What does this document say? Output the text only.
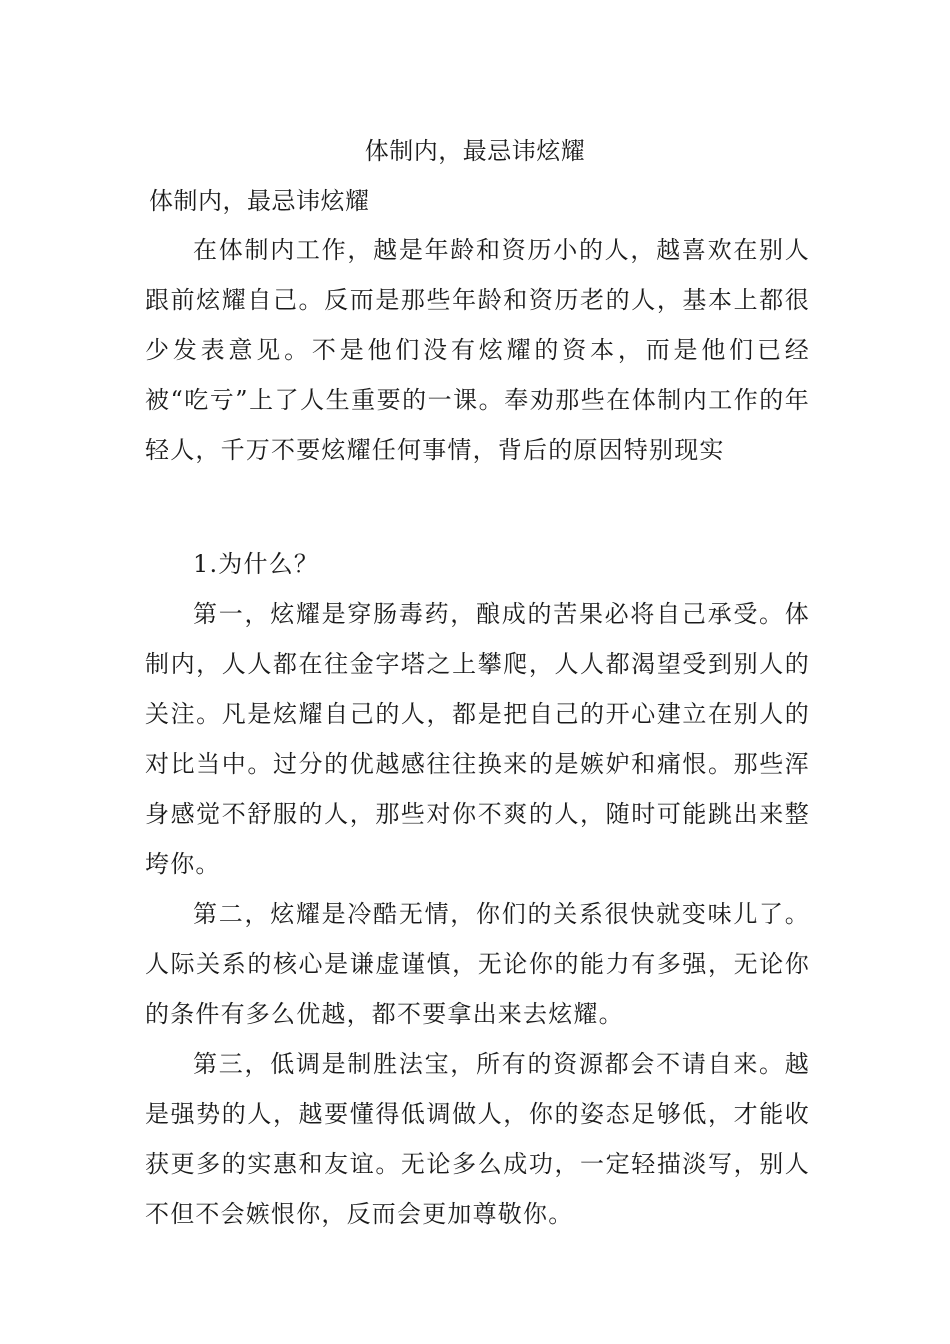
体制内，最忌讳炫耀
体制内，最忌讳炫耀

在体制内工作，越是年龄和资历小的人，越喜欢在别人跟前炫耀自己。反而是那些年龄和资历老的人，基本上都很少发表意见。不是他们没有炫耀的资本，而是他们已经被“吃亏”上了人生重要的一课。奉劝那些在体制内工作的年轻人，千万不要炫耀任何事情，背后的原因特别现实

1.为什么？

第一，炫耀是穿肠毒药，酿成的苦果必将自己承受。体制内，人人都在往金字塔之上攀爬，人人都渴望受到别人的关注。凡是炫耀自己的人，都是把自己的开心建立在别人的对比当中。过分的优越感往往换来的是嫉妒和痛恨。那些浑身感觉不舒服的人，那些对你不爽的人，随时可能跳出来整垮你。

第二，炫耀是冷酷无情，你们的关系很快就变味儿了。人际关系的核心是谦虚谨慎，无论你的能力有多强，无论你的条件有多么优越，都不要拿出来去炫耀。

第三，低调是制胜法宝，所有的资源都会不请自来。越是强势的人，越要懂得低调做人，你的姿态足够低，才能收获更多的实惠和友谊。无论多么成功，一定轻描淡写，别人不但不会嫉恨你，反而会更加尊敬你。
